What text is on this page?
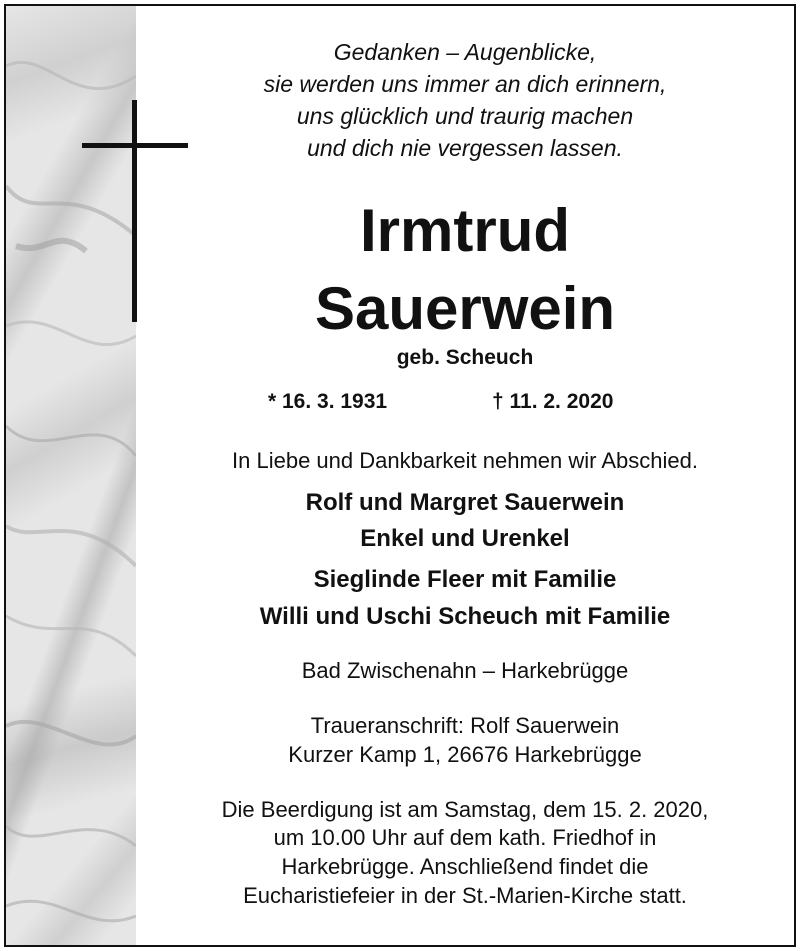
Gedanken – Augenblicke,
sie werden uns immer an dich erinnern,
uns glücklich und traurig machen
und dich nie vergessen lassen.
Irmtrud
Sauerwein
geb. Scheuch
* 16. 3. 1931	† 11. 2. 2020
In Liebe und Dankbarkeit nehmen wir Abschied.
Rolf und Margret Sauerwein
Enkel und Urenkel
Sieglinde Fleer mit Familie
Willi und Uschi Scheuch mit Familie
Bad Zwischenahn – Harkebrügge
Traueranschrift: Rolf Sauerwein
Kurzer Kamp 1, 26676 Harkebrügge
Die Beerdigung ist am Samstag, dem 15. 2. 2020,
um 10.00 Uhr auf dem kath. Friedhof in
Harkebrügge. Anschließend findet die
Eucharistiefeier in der St.-Marien-Kirche statt.
